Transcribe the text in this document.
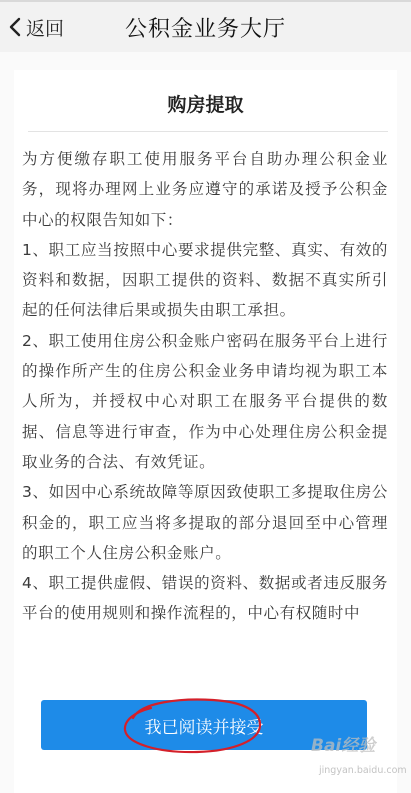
返回	公积金业务大厅
购房提取

为方便缴存职工使用服务平台自助办理公积金业务，现将办理网上业务应遵守的承诺及授予公积金中心的权限告知如下：

1、职工应当按照中心要求提供完整、真实、有效的资料和数据，因职工提供的资料、数据不真实所引起的任何法律后果或损失由职工承担。

2、职工使用住房公积金账户密码在服务平台上进行的操作所产生的住房公积金业务申请均视为职工本人所为，并授权中心对职工在服务平台提供的数据、信息等进行审查，作为中心处理住房公积金提取业务的合法、有效凭证。

3、如因中心系统故障等原因致使职工多提取住房公积金的，职工应当将多提取的部分退回至中心管理的职工个人住房公积金账户。

4、职工提供虚假、错误的资料、数据或者违反服务平台的使用规则和操作流程的，中心有权随时中

我已阅读并接受
Bai经验
jingyan.baidu.com
